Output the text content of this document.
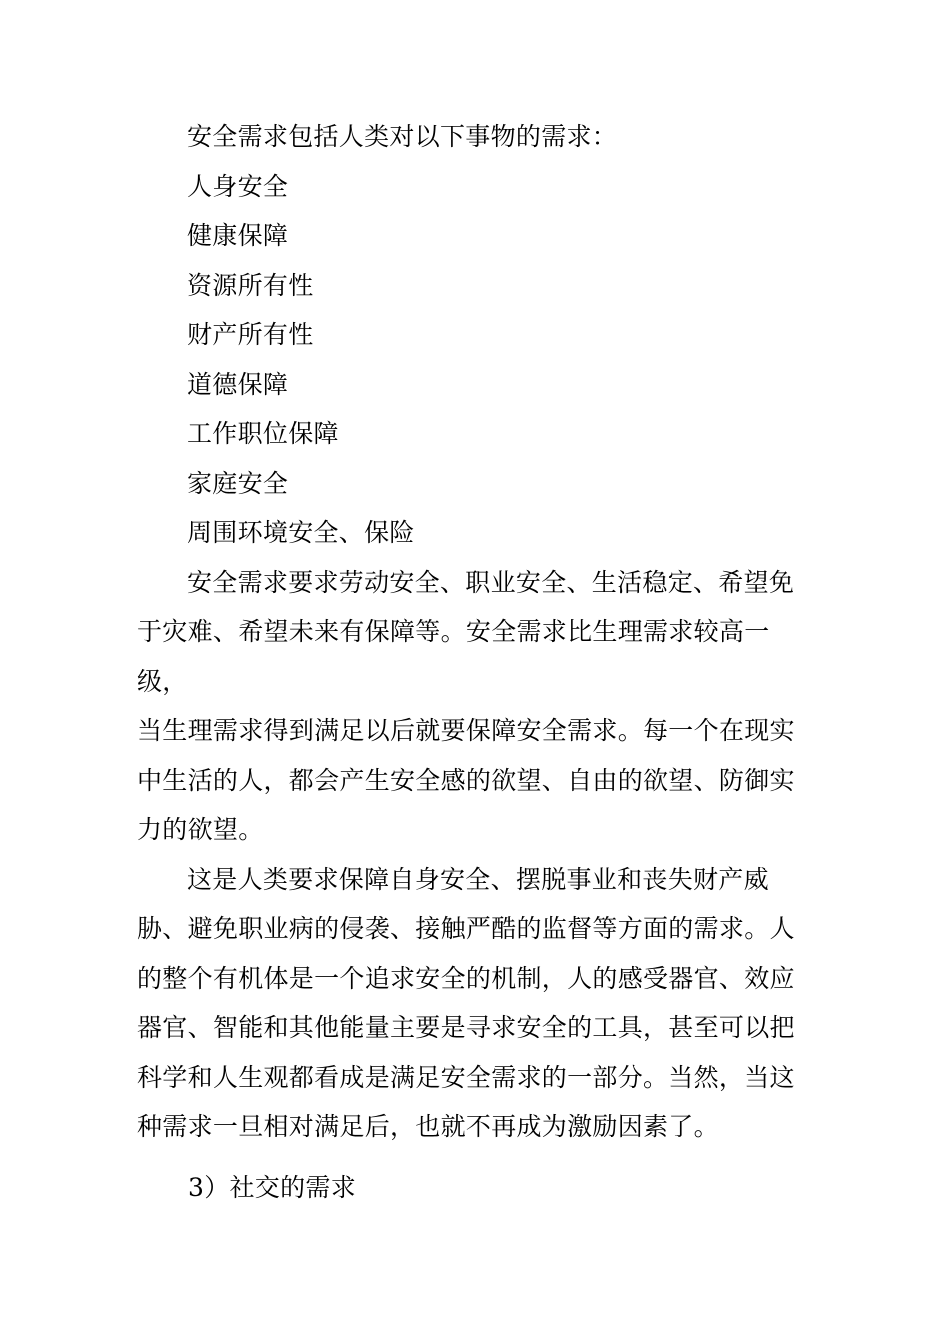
安全需求包括人类对以下事物的需求：

人身安全

健康保障

资源所有性

财产所有性

道德保障

工作职位保障

家庭安全

周围环境安全、保险

安全需求要求劳动安全、职业安全、生活稳定、希望免

于灾难、希望未来有保障等。安全需求比生理需求较高一级，

当生理需求得到满足以后就要保障安全需求。每一个在现实

中生活的人，都会产生安全感的欲望、自由的欲望、防御实

力的欲望。

这是人类要求保障自身安全、摆脱事业和丧失财产威

胁、避免职业病的侵袭、接触严酷的监督等方面的需求。人

的整个有机体是一个追求安全的机制，人的感受器官、效应

器官、智能和其他能量主要是寻求安全的工具，甚至可以把

科学和人生观都看成是满足安全需求的一部分。当然，当这

种需求一旦相对满足后，也就不再成为激励因素了。

3）社交的需求
